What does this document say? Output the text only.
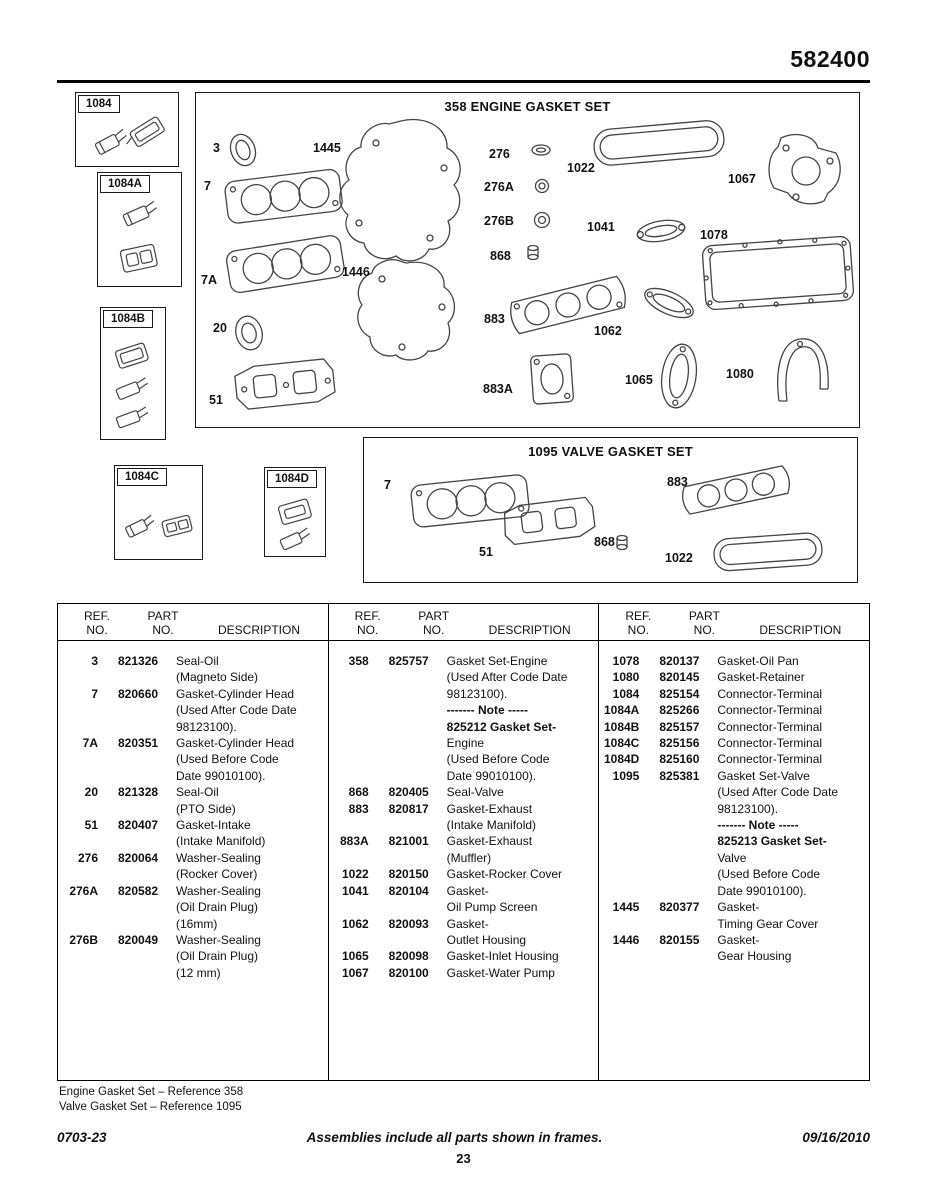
582400
1084
1084A
1084B
1084C	1084D
358 ENGINE GASKET SET
3	1445
7
7A
1446
20
51
276
1022
1067
276A
276B	1041
1078
868
883
1062
1065	1080
883A
1095 VALVE GASKET SET
7	883
51
868
1022
REF.
NO.
PART
NO.	DESCRIPTION
3 821326	Seal-Oil
(Magneto Side)
7 820660	Gasket-Cylinder Head
(Used After Code Date
98123100).
7A 820351	Gasket-Cylinder Head
(Used Before Code
Date 99010100).
20 821328	Seal-Oil
(PTO Side)
51 820407	Gasket-Intake
(Intake Manifold)
276 820064	Washer-Sealing
(Rocker Cover)
276A 820582	Washer-Sealing
(Oil Drain Plug)
(16mm)
276B 820049	Washer-Sealing
(Oil Drain Plug)
(12 mm)
REF.
NO.
PART
NO.	DESCRIPTION
358 825757	Gasket Set-Engine
(Used After Code Date
98123100).
------- Note -----
825212 Gasket Set-
Engine
(Used Before Code
Date 99010100).
868 820405	Seal-Valve
883 820817	Gasket-Exhaust
(Intake Manifold)
883A 821001	Gasket-Exhaust
(Muffler)
1022 820150	Gasket-Rocker Cover
1041 820104	Gasket-
Oil Pump Screen
1062 820093	Gasket-
Outlet Housing
1065 820098	Gasket-Inlet Housing
1067 820100	Gasket-Water Pump
REF.
NO.
PART
NO.	DESCRIPTION
1078 820137	Gasket-Oil Pan
1080 820145	Gasket-Retainer
1084 825154	Connector-Terminal
1084A 825266	Connector-Terminal
1084B 825157	Connector-Terminal
1084C 825156	Connector-Terminal
1084D 825160	Connector-Terminal
1095 825381	Gasket Set-Valve
(Used After Code Date
98123100).
------- Note -----
825213 Gasket Set-
Valve
(Used Before Code
Date 99010100).
1445 820377	Gasket-
Timing Gear Cover
1446 820155	Gasket-
Gear Housing
Engine Gasket Set – Reference 358
Valve Gasket Set – Reference 1095
0703-23	Assemblies include all parts shown in frames.	09/16/2010
23
